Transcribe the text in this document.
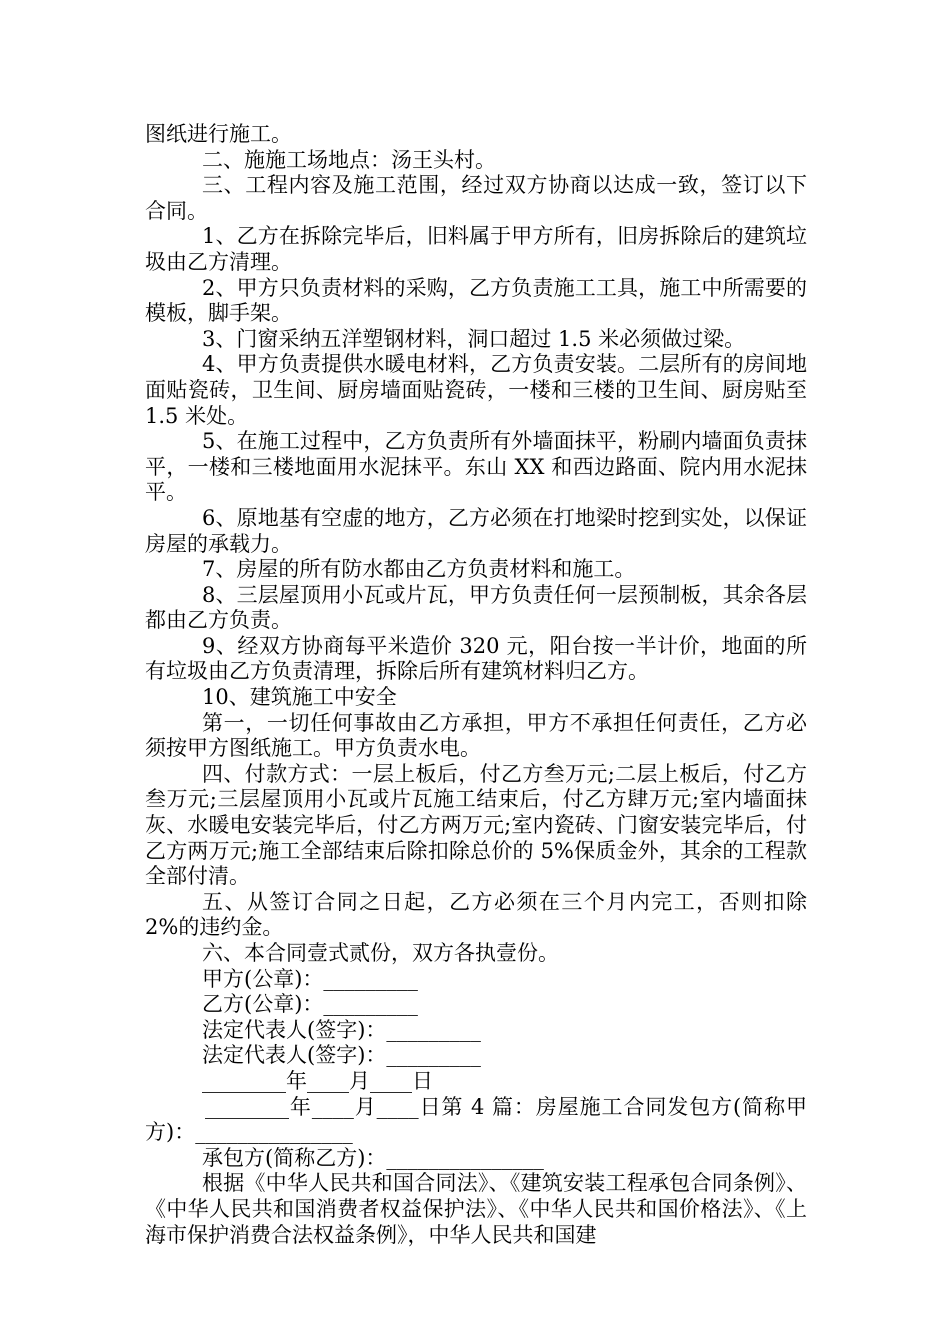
图纸进行施工。

二、施施工场地点：汤王头村。

三、工程内容及施工范围，经过双方协商以达成一致，签订以下合同。

1、乙方在拆除完毕后，旧料属于甲方所有，旧房拆除后的建筑垃圾由乙方清理。

2、甲方只负责材料的采购，乙方负责施工工具，施工中所需要的模板，脚手架。

3、门窗采纳五洋塑钢材料，洞口超过 1.5 米必须做过梁。

4、甲方负责提供水暖电材料，乙方负责安装。二层所有的房间地面贴瓷砖，卫生间、厨房墙面贴瓷砖，一楼和三楼的卫生间、厨房贴至 1.5 米处。

5、在施工过程中，乙方负责所有外墙面抹平，粉刷内墙面负责抹平，一楼和三楼地面用水泥抹平。东山 XX 和西边路面、院内用水泥抹平。

6、原地基有空虚的地方，乙方必须在打地梁时挖到实处，以保证房屋的承载力。

7、房屋的所有防水都由乙方负责材料和施工。

8、三层屋顶用小瓦或片瓦，甲方负责任何一层预制板，其余各层都由乙方负责。

9、经双方协商每平米造价 320 元，阳台按一半计价，地面的所有垃圾由乙方负责清理，拆除后所有建筑材料归乙方。

10、建筑施工中安全

第一，一切任何事故由乙方承担，甲方不承担任何责任，乙方必须按甲方图纸施工。甲方负责水电。

四、付款方式：一层上板后，付乙方叁万元;二层上板后，付乙方叁万元;三层屋顶用小瓦或片瓦施工结束后，付乙方肆万元;室内墙面抹灰、水暖电安装完毕后，付乙方两万元;室内瓷砖、门窗安装完毕后，付乙方两万元;施工全部结束后除扣除总价的 5%保质金外，其余的工程款全部付清。

五、从签订合同之日起，乙方必须在三个月内完工，否则扣除 2%的违约金。

六、本合同壹式贰份，双方各执壹份。

甲方(公章)：_________
乙方(公章)：_________
法定代表人(签字)：_________
法定代表人(签字)：_________
________年____月____日

________年____月____日第 4 篇：房屋施工合同发包方(简称甲方)：_______________

承包方(简称乙方)：_______________

根据《中华人民共和国合同法》、《建筑安装工程承包合同条例》、《中华人民共和国消费者权益保护法》、《中华人民共和国价格法》、《上海市保护消费合法权益条例》，中华人民共和国建
